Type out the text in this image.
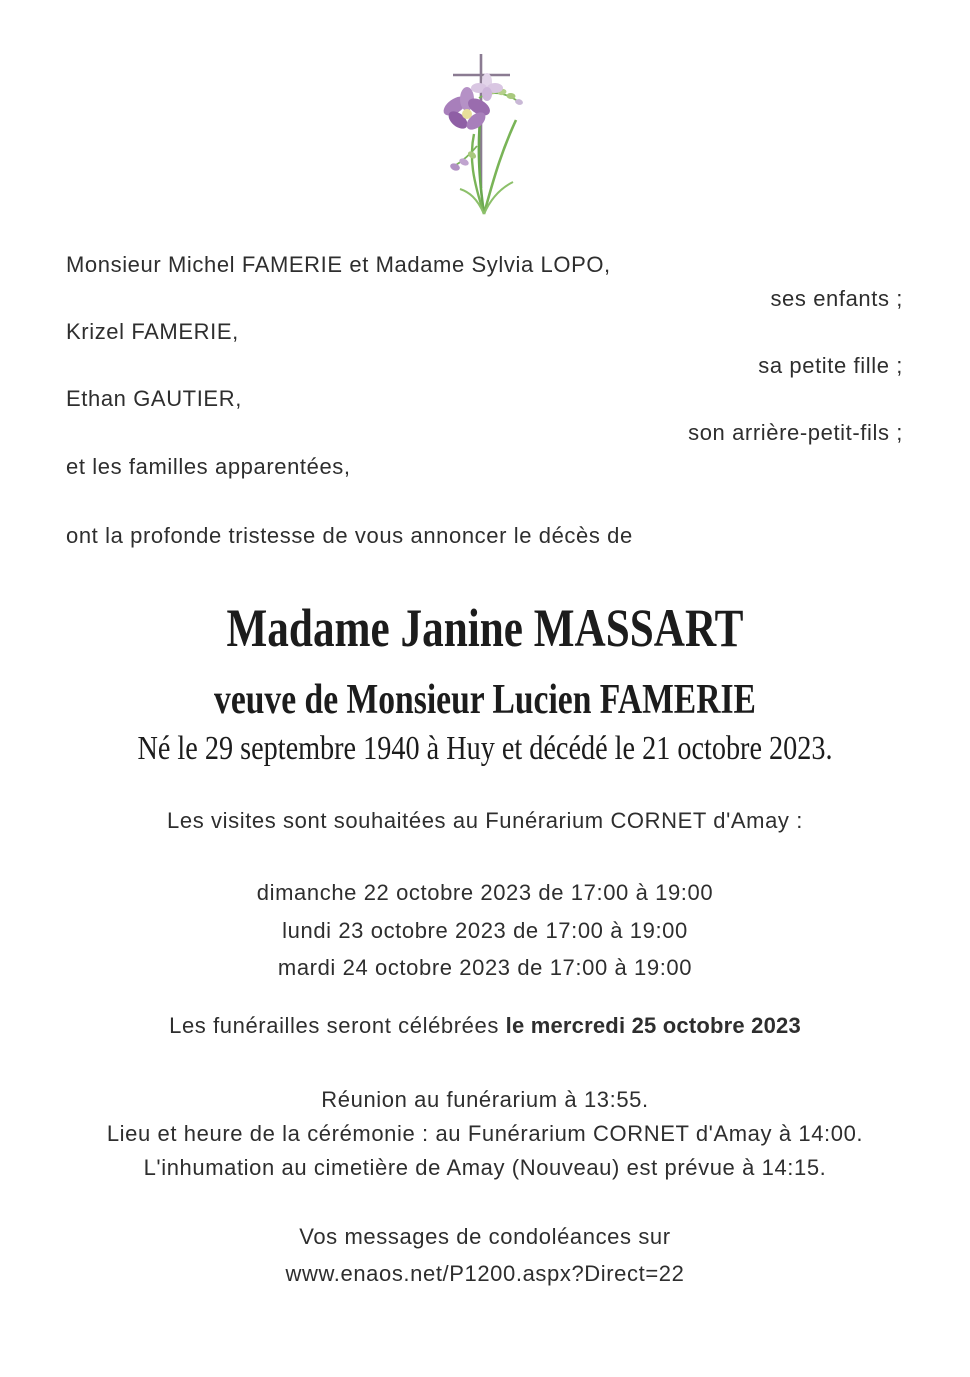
Monsieur Michel FAMERIE et Madame Sylvia LOPO,
ses enfants ;
Krizel FAMERIE,
sa petite fille ;
Ethan GAUTIER,
son arrière-petit-fils ;
et les familles apparentées,
ont la profonde tristesse de vous annoncer le décès de
Madame Janine MASSART
veuve de Monsieur Lucien FAMERIE
Né le 29 septembre 1940 à Huy et décédé le 21 octobre 2023.
Les visites sont souhaitées au Funérarium CORNET d'Amay :
dimanche 22 octobre 2023 de 17:00 à 19:00
lundi 23 octobre 2023 de 17:00 à 19:00
mardi 24 octobre 2023 de 17:00 à 19:00
Les funérailles seront célébrées le mercredi 25 octobre 2023
Réunion au funérarium à 13:55.
Lieu et heure de la cérémonie : au Funérarium CORNET d'Amay à 14:00.
L'inhumation au cimetière de Amay (Nouveau) est prévue à 14:15.
Vos messages de condoléances sur
www.enaos.net/P1200.aspx?Direct=22
